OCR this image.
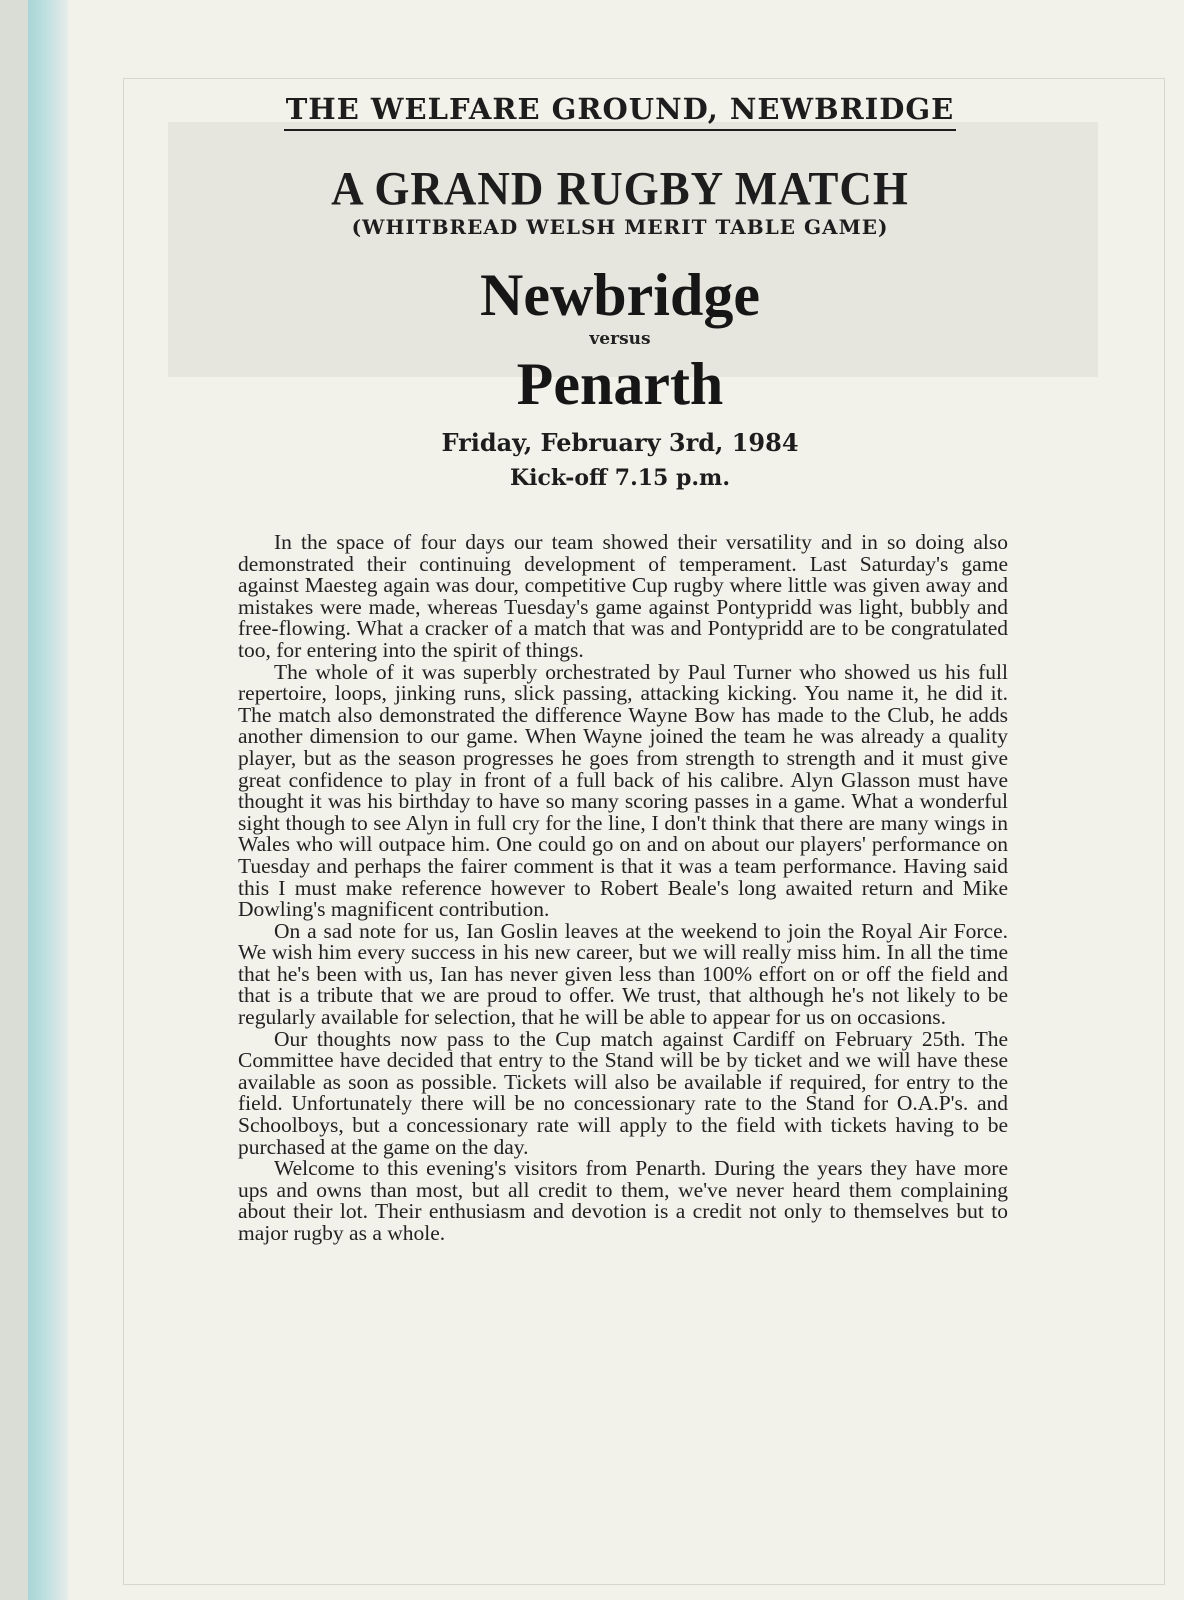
THE WELFARE GROUND, NEWBRIDGE
A GRAND RUGBY MATCH
(WHITBREAD WELSH MERIT TABLE GAME)
Newbridge
versus
Penarth
Friday, February 3rd, 1984
Kick-off 7.15 p.m.

In the space of four days our team showed their versatility and in so doing also demonstrated their continuing development of temperament. Last Saturday's game against Maesteg again was dour, competitive Cup rugby where little was given away and mistakes were made, whereas Tuesday's game against Pontypridd was light, bubbly and free-flowing. What a cracker of a match that was and Pontypridd are to be congratulated too, for entering into the spirit of things.

The whole of it was superbly orchestrated by Paul Turner who showed us his full repertoire, loops, jinking runs, slick passing, attacking kicking. You name it, he did it. The match also demonstrated the difference Wayne Bow has made to the Club, he adds another dimension to our game. When Wayne joined the team he was already a quality player, but as the season progresses he goes from strength to strength and it must give great confidence to play in front of a full back of his calibre. Alyn Glasson must have thought it was his birthday to have so many scoring passes in a game. What a wonderful sight though to see Alyn in full cry for the line, I don't think that there are many wings in Wales who will outpace him. One could go on and on about our players' performance on Tuesday and perhaps the fairer comment is that it was a team performance. Having said this I must make reference however to Robert Beale's long awaited return and Mike Dowling's magnificent contribution.

On a sad note for us, Ian Goslin leaves at the weekend to join the Royal Air Force. We wish him every success in his new career, but we will really miss him. In all the time that he's been with us, Ian has never given less than 100% effort on or off the field and that is a tribute that we are proud to offer. We trust, that although he's not likely to be regularly available for selection, that he will be able to appear for us on occasions.

Our thoughts now pass to the Cup match against Cardiff on February 25th. The Committee have decided that entry to the Stand will be by ticket and we will have these available as soon as possible. Tickets will also be available if required, for entry to the field. Unfortunately there will be no concessionary rate to the Stand for O.A.P's. and Schoolboys, but a concessionary rate will apply to the field with tickets having to be purchased at the game on the day.

Welcome to this evening's visitors from Penarth. During the years they have more ups and owns than most, but all credit to them, we've never heard them complaining about their lot. Their enthusiasm and devotion is a credit not only to themselves but to major rugby as a whole.
